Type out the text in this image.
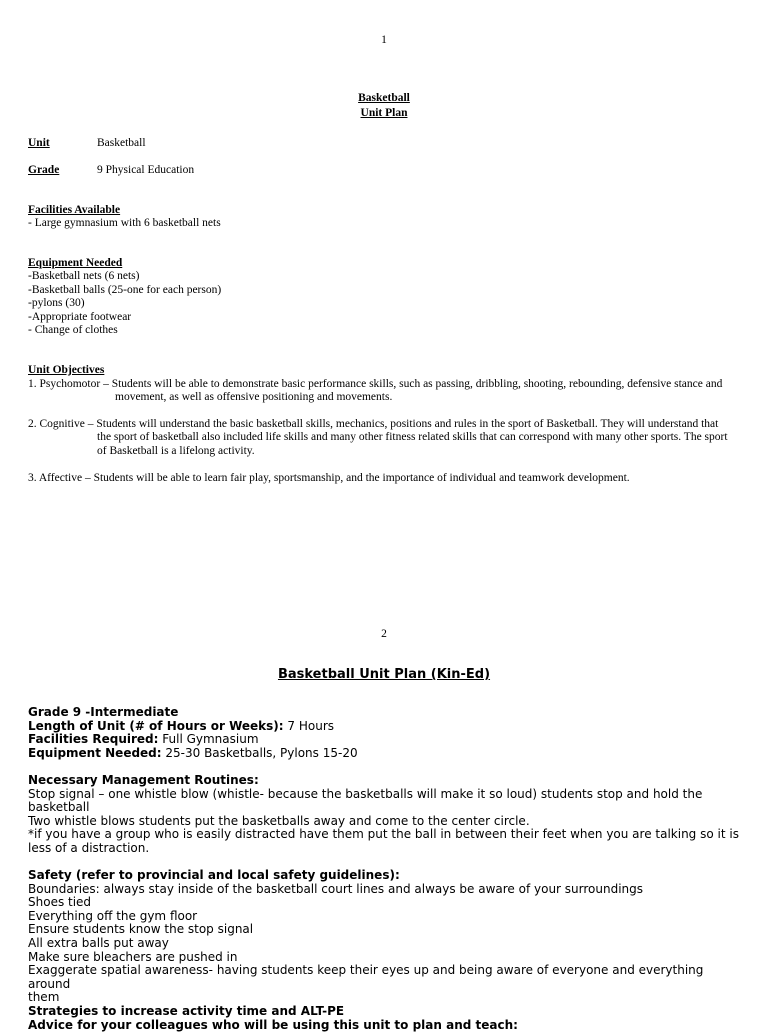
1
Basketball
Unit Plan
Unit	Basketball
Grade	9 Physical Education
Facilities Available
- Large gymnasium with 6 basketball nets
Equipment Needed
-Basketball nets (6 nets)
-Basketball balls (25-one for each person)
-pylons (30)
-Appropriate footwear
- Change of clothes
Unit Objectives
1. Psychomotor – Students will be able to demonstrate basic performance skills, such as passing, dribbling, shooting, rebounding, defensive stance and
movement, as well as offensive positioning and movements.
2. Cognitive – Students will understand the basic basketball skills, mechanics, positions and rules in the sport of Basketball. They will understand that
the sport of basketball also included life skills and many other fitness related skills that can correspond with many other sports. The sport
of Basketball is a lifelong activity.
3. Affective – Students will be able to learn fair play, sportsmanship, and the importance of individual and teamwork development.
2
Basketball Unit Plan (Kin-Ed)
Grade 9 -Intermediate
Length of Unit (# of Hours or Weeks): 7 Hours
Facilities Required: Full Gymnasium
Equipment Needed: 25-30 Basketballs, Pylons 15-20
Necessary Management Routines:
Stop signal – one whistle blow (whistle- because the basketballs will make it so loud) students stop and hold the
basketball
Two whistle blows students put the basketballs away and come to the center circle.
*if you have a group who is easily distracted have them put the ball in between their feet when you are talking so it is
less of a distraction.
Safety (refer to provincial and local safety guidelines):
Boundaries: always stay inside of the basketball court lines and always be aware of your surroundings
Shoes tied
Everything off the gym floor
Ensure students know the stop signal
All extra balls put away
Make sure bleachers are pushed in
Exaggerate spatial awareness- having students keep their eyes up and being aware of everyone and everything around
them
Strategies to increase activity time and ALT-PE
Advice for your colleagues who will be using this unit to plan and teach:
